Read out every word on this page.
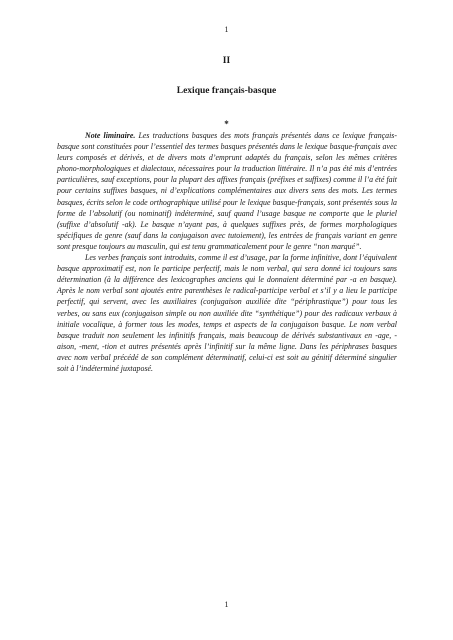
1
II
Lexique français-basque
*

Note liminaire. Les traductions basques des mots français présentés dans ce lexique français-basque sont constituées pour l’essentiel des termes basques présentés dans le lexique basque-français avec leurs composés et dérivés, et de divers mots d’emprunt adaptés du français, selon les mêmes critères phono-morphologiques et dialectaux, nécessaires pour la traduction littéraire. Il n’a pas été mis d’entrées particulières, sauf exceptions, pour la plupart des affixes français (préfixes et suffixes) comme il l’a été fait pour certains suffixes basques, ni d’explications complémentaires aux divers sens des mots. Les termes basques, écrits selon le code orthographique utilisé pour le lexique basque-français, sont présentés sous la forme de l’absolutif (ou nominatif) indéterminé, sauf quand l’usage basque ne comporte que le pluriel (suffixe d’absolutif -ak). Le basque n’ayant pas, à quelques suffixes près, de formes morphologiques spécifiques de genre (sauf dans la conjugaison avec tutoiement), les entrées de français variant en genre sont presque toujours au masculin, qui est tenu grammaticalement pour le genre “non marqué”.

Les verbes français sont introduits, comme il est d’usage, par la forme infinitive, dont l’équivalent basque approximatif est, non le participe perfectif, mais le nom verbal, qui sera donné ici toujours sans détermination (à la différence des lexicographes anciens qui le donnaient déterminé par -a en basque). Après le nom verbal sont ajoutés entre parenthèses le radical-participe verbal et s’il y a lieu le participe perfectif, qui servent, avec les auxiliaires (conjugaison auxiliée dite “périphrastique”) pour tous les verbes, ou sans eux (conjugaison simple ou non auxiliée dite “synthétique”) pour des radicaux verbaux à initiale vocalique, à former tous les modes, temps et aspects de la conjugaison basque. Le nom verbal basque traduit non seulement les infinitifs français, mais beaucoup de dérivés substantivaux en -age, -aison, -ment, -tion et autres présentés après l’infinitif sur la même ligne. Dans les périphrases basques avec nom verbal précédé de son complément déterminatif, celui-ci est soit au génitif déterminé singulier soit à l’indéterminé juxtaposé.

1
